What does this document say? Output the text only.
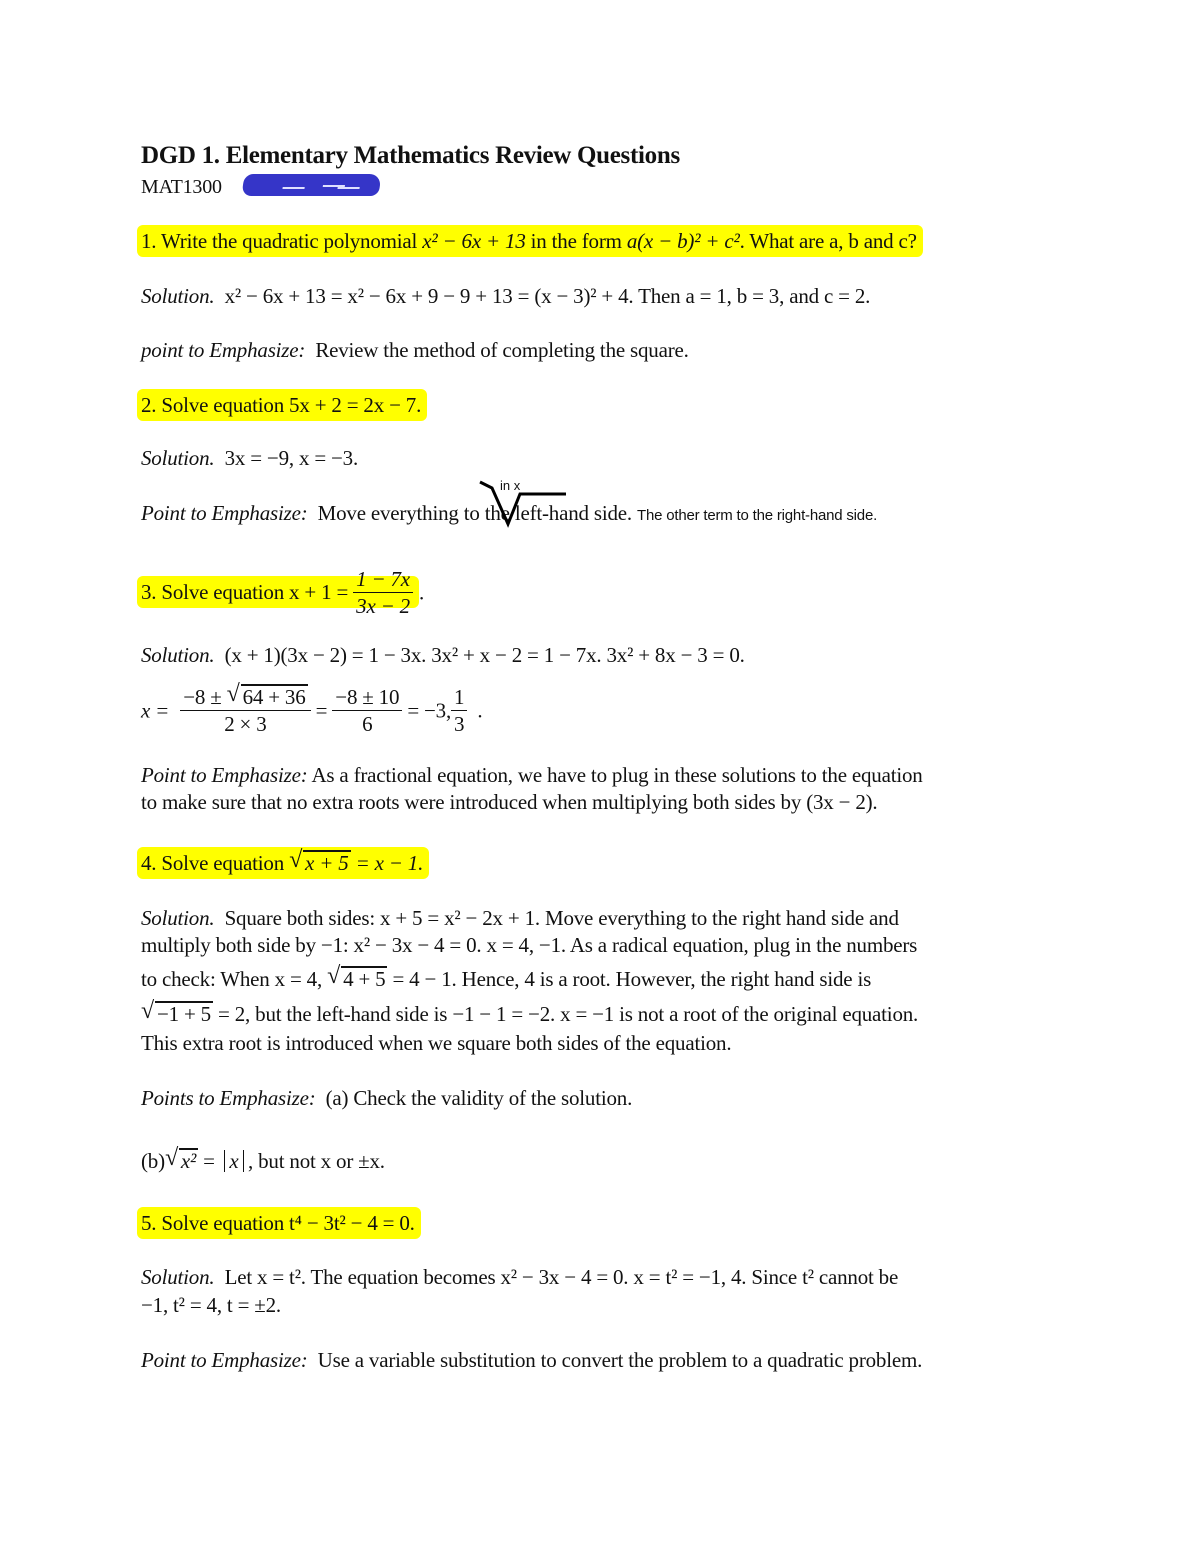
DGD 1. Elementary Mathematics Review Questions
MAT1300
1. Write the quadratic polynomial x² − 6x + 13 in the form a(x − b)² + c². What are a, b and c?
Solution. x² − 6x + 13 = x² − 6x + 9 − 9 + 13 = (x − 3)² + 4. Then a = 1, b = 3, and c = 2.
point to Emphasize: Review the method of completing the square.
2. Solve equation 5x + 2 = 2x − 7.
Solution. 3x = −9, x = −3.
Point to Emphasize: Move everything to the left-hand side. The other term to the right-hand side.
in x
3. Solve equation $x + 1 = \frac{1 - 7x}{3x - 2}$ .
Solution. (x + 1)(3x − 2) = 1 − 3x. 3x² + x − 2 = 1 − 7x. 3x² + 8x − 3 = 0.
$x = \frac{-8 \pm √ 64 + 36}{2 \times 3} = \frac{-8 \pm 10}{6} = -3$, $\frac{1}{3}$ .
Point to Emphasize: As a fractional equation, we have to plug in these solutions to the equation
to make sure that no extra roots were introduced when multiplying both sides by (3x − 2).
4. Solve equation √ x + 5 = x − 1.
Solution. Square both sides: x + 5 = x² − 2x + 1. Move everything to the right hand side and
multiply both side by −1: x² − 3x − 4 = 0. x = 4, −1. As a radical equation, plug in the numbers
to check: When x = 4, √ 4 + 5 = 4 − 1. Hence, 4 is a root. However, the right hand side is
√ −1 + 5 = 2, but the left-hand side is −1 − 1 = −2. x = −1 is not a root of the original equation.
This extra root is introduced when we square both sides of the equation.
Points to Emphasize: (a) Check the validity of the solution.
(b) √ x² = x , but not x or ±x.
5. Solve equation t⁴ − 3t² − 4 = 0.
Solution. Let x = t². The equation becomes x² − 3x − 4 = 0. x = t² = −1, 4. Since t² cannot be
−1, t² = 4, t = ±2.
Point to Emphasize: Use a variable substitution to convert the problem to a quadratic problem.
